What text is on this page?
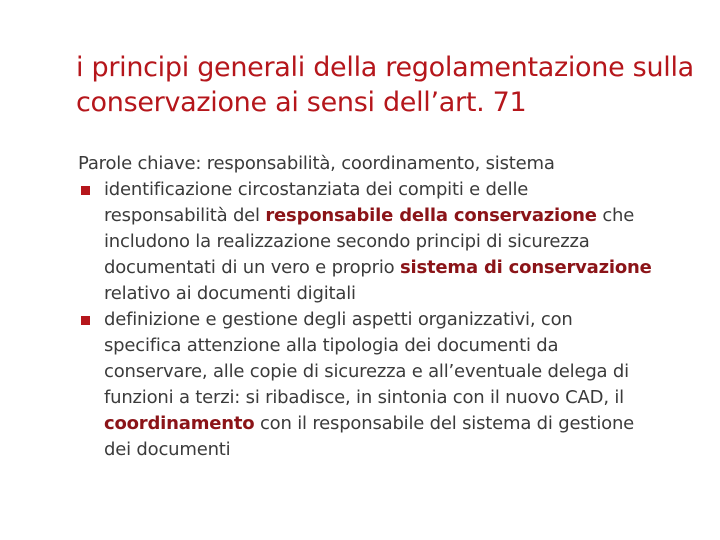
i principi generali della regolamentazione sulla
conservazione ai sensi dell’art. 71
Parole chiave: responsabilità, coordinamento, sistema
identificazione circostanziata dei compiti e delle
responsabilità del responsabile della conservazione che
includono la realizzazione secondo principi di sicurezza
documentati di un vero e proprio sistema di conservazione
relativo ai documenti digitali
definizione e gestione degli aspetti organizzativi, con
specifica attenzione alla tipologia dei documenti da
conservare, alle copie di sicurezza e all’eventuale delega di
funzioni a terzi: si ribadisce, in sintonia con il nuovo CAD, il
coordinamento con il responsabile del sistema di gestione
dei documenti
